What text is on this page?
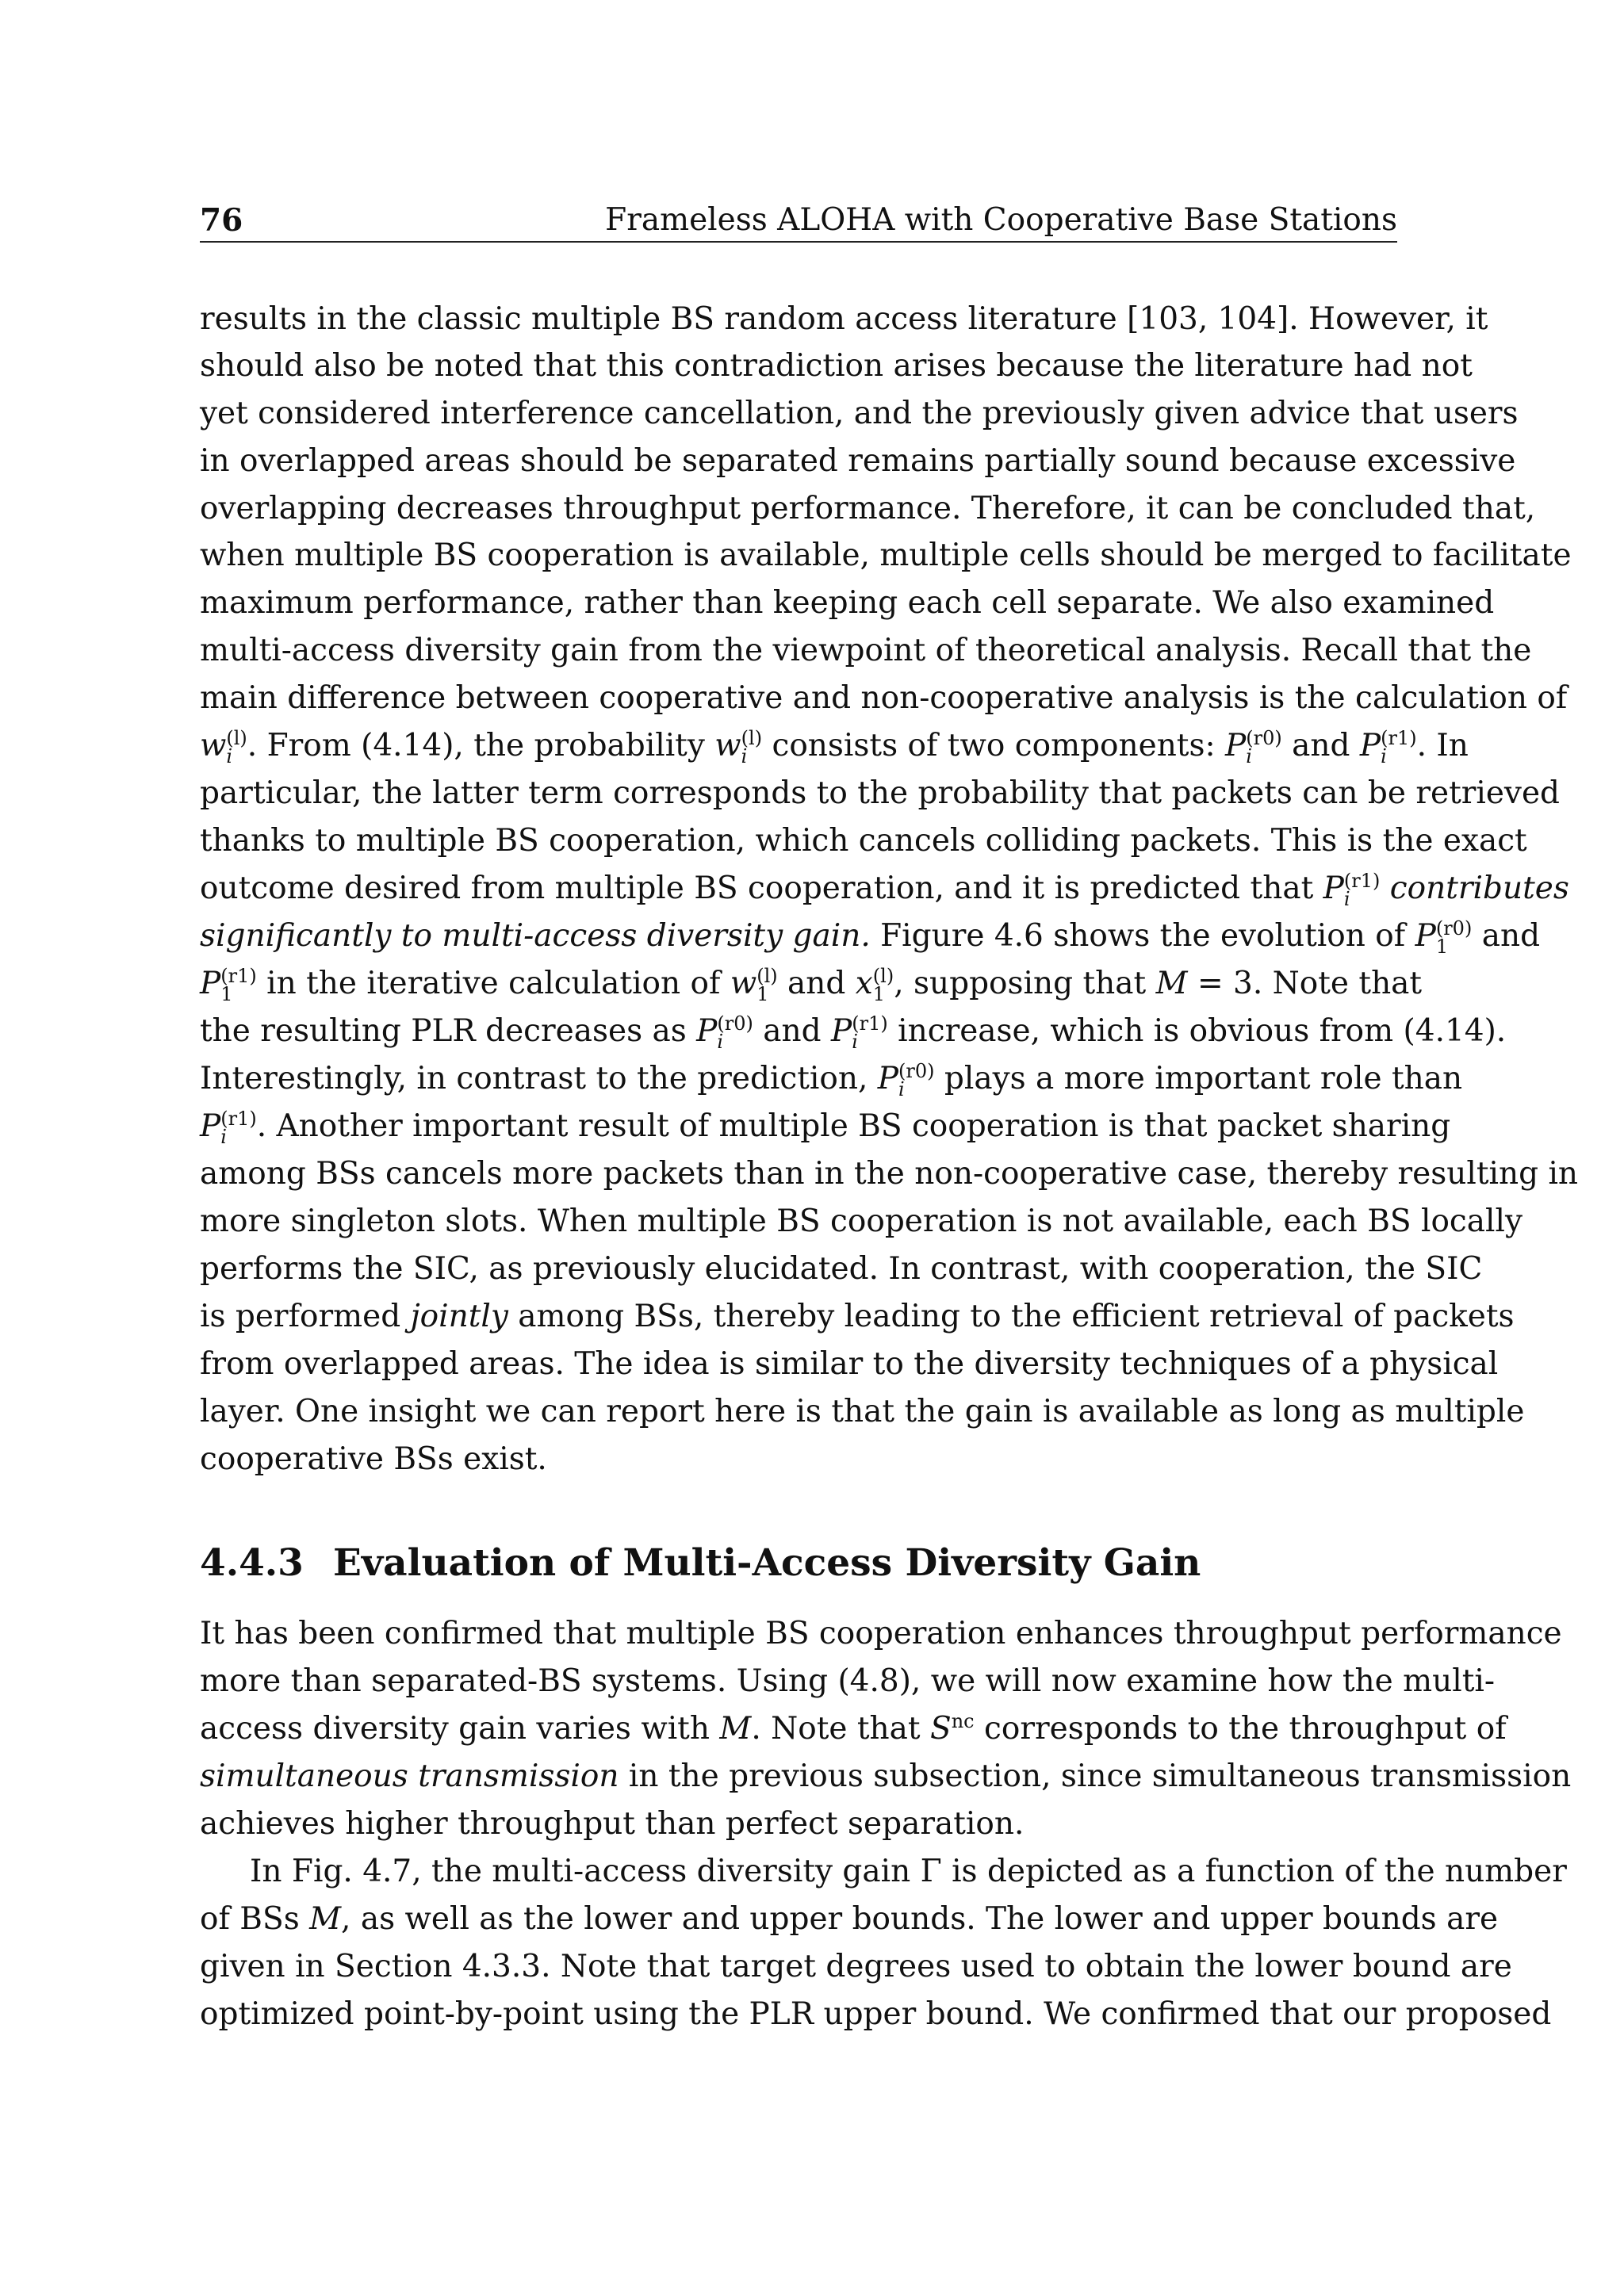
76	Frameless ALOHA with Cooperative Base Stations
results in the classic multiple BS random access literature [103, 104]. However, it
should also be noted that this contradiction arises because the literature had not
yet considered interference cancellation, and the previously given advice that users
in overlapped areas should be separated remains partially sound because excessive
overlapping decreases throughput performance. Therefore, it can be concluded that,
when multiple BS cooperation is available, multiple cells should be merged to facilitate
maximum performance, rather than keeping each cell separate. We also examined
multi-access diversity gain from the viewpoint of theoretical analysis. Recall that the
main difference between cooperative and non-cooperative analysis is the calculation of
$w^{(l)}_i$ . From (4.14), the probability $w^{(l)}_i$ consists of two components: $P^{(r0)}_i$ and $P^{(r1)}_i$ . In
particular, the latter term corresponds to the probability that packets can be retrieved
thanks to multiple BS cooperation, which cancels colliding packets. This is the exact
outcome desired from multiple BS cooperation, and it is predicted that $P^{(r1)}_i$ contributes
significantly to multi-access diversity gain. Figure 4.6 shows the evolution of $P^{(r0)}_1$ and
$P^{(r1)}_1$ in the iterative calculation of $w^{(l)}_1$ and $x^{(l)}_1$ , supposing that M = 3. Note that
the resulting PLR decreases as $P^{(r0)}_i$ and $P^{(r1)}_i$ increase, which is obvious from (4.14).
Interestingly, in contrast to the prediction, $P^{(r0)}_i$ plays a more important role than
$P^{(r1)}_i$ . Another important result of multiple BS cooperation is that packet sharing
among BSs cancels more packets than in the non-cooperative case, thereby resulting in
more singleton slots. When multiple BS cooperation is not available, each BS locally
performs the SIC, as previously elucidated. In contrast, with cooperation, the SIC
is performed jointly among BSs, thereby leading to the efficient retrieval of packets
from overlapped areas. The idea is similar to the diversity techniques of a physical
layer. One insight we can report here is that the gain is available as long as multiple
cooperative BSs exist.
4.4.3 Evaluation of Multi-Access Diversity Gain
It has been confirmed that multiple BS cooperation enhances throughput performance
more than separated-BS systems. Using (4.8), we will now examine how the multi-
access diversity gain varies with M. Note that $S^{nc}$ corresponds to the throughput of
simultaneous transmission in the previous subsection, since simultaneous transmission
achieves higher throughput than perfect separation.
In Fig. 4.7, the multi-access diversity gain Γ is depicted as a function of the number
of BSs M, as well as the lower and upper bounds. The lower and upper bounds are
given in Section 4.3.3. Note that target degrees used to obtain the lower bound are
optimized point-by-point using the PLR upper bound. We confirmed that our proposed
